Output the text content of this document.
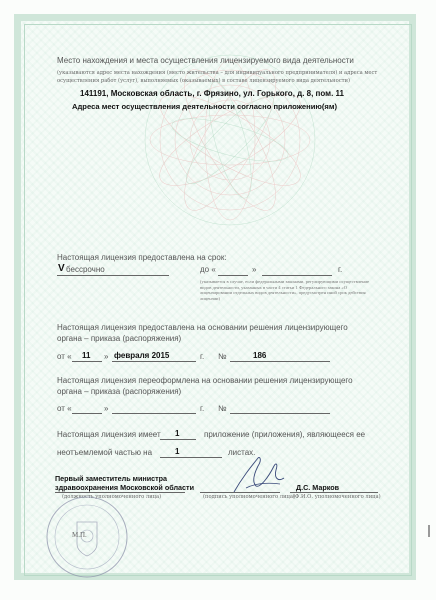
Место нахождения и места осуществления лицензируемого вида деятельности
(указываются адрес места нахождения (место жительства – для индивидуального предпринимателя) и адреса мест
осуществления работ (услуг), выполняемых (оказываемых) в составе лицензируемого вида деятельности)
141191, Московская область, г. Фрязино, ул. Горького, д. 8, пом. 11
Адреса мест осуществления деятельности согласно приложению(ям)
Настоящая лицензия предоставлена на срок:
V бессрочно	до «	»	г.
(указывается в случае, если федеральными законами, регулирующими осуществление видов деятельности, указанных в части 4 статьи 1 Федерального закона «О лицензировании отдельных видов деятельности», предусмотрен иной срок действия лицензии)
Настоящая лицензия предоставлена на основании решения лицензирующего
органа – приказа (распоряжения)
от « 11 » февраля 2015	г. №	186
Настоящая лицензия переоформлена на основании решения лицензирующего
органа – приказа (распоряжения)
от «	»	г. №
Настоящая лицензия имеет 1	приложение (приложения), являющееся ее
неотъемлемой частью на	1	листах.
Первый заместитель министра
здравоохранения Московской области
(должность уполномоченного лица)	(подпись уполномоченного лица)
Д.С. Марков
(Ф.И.О. уполномоченного лица)
М.П.
